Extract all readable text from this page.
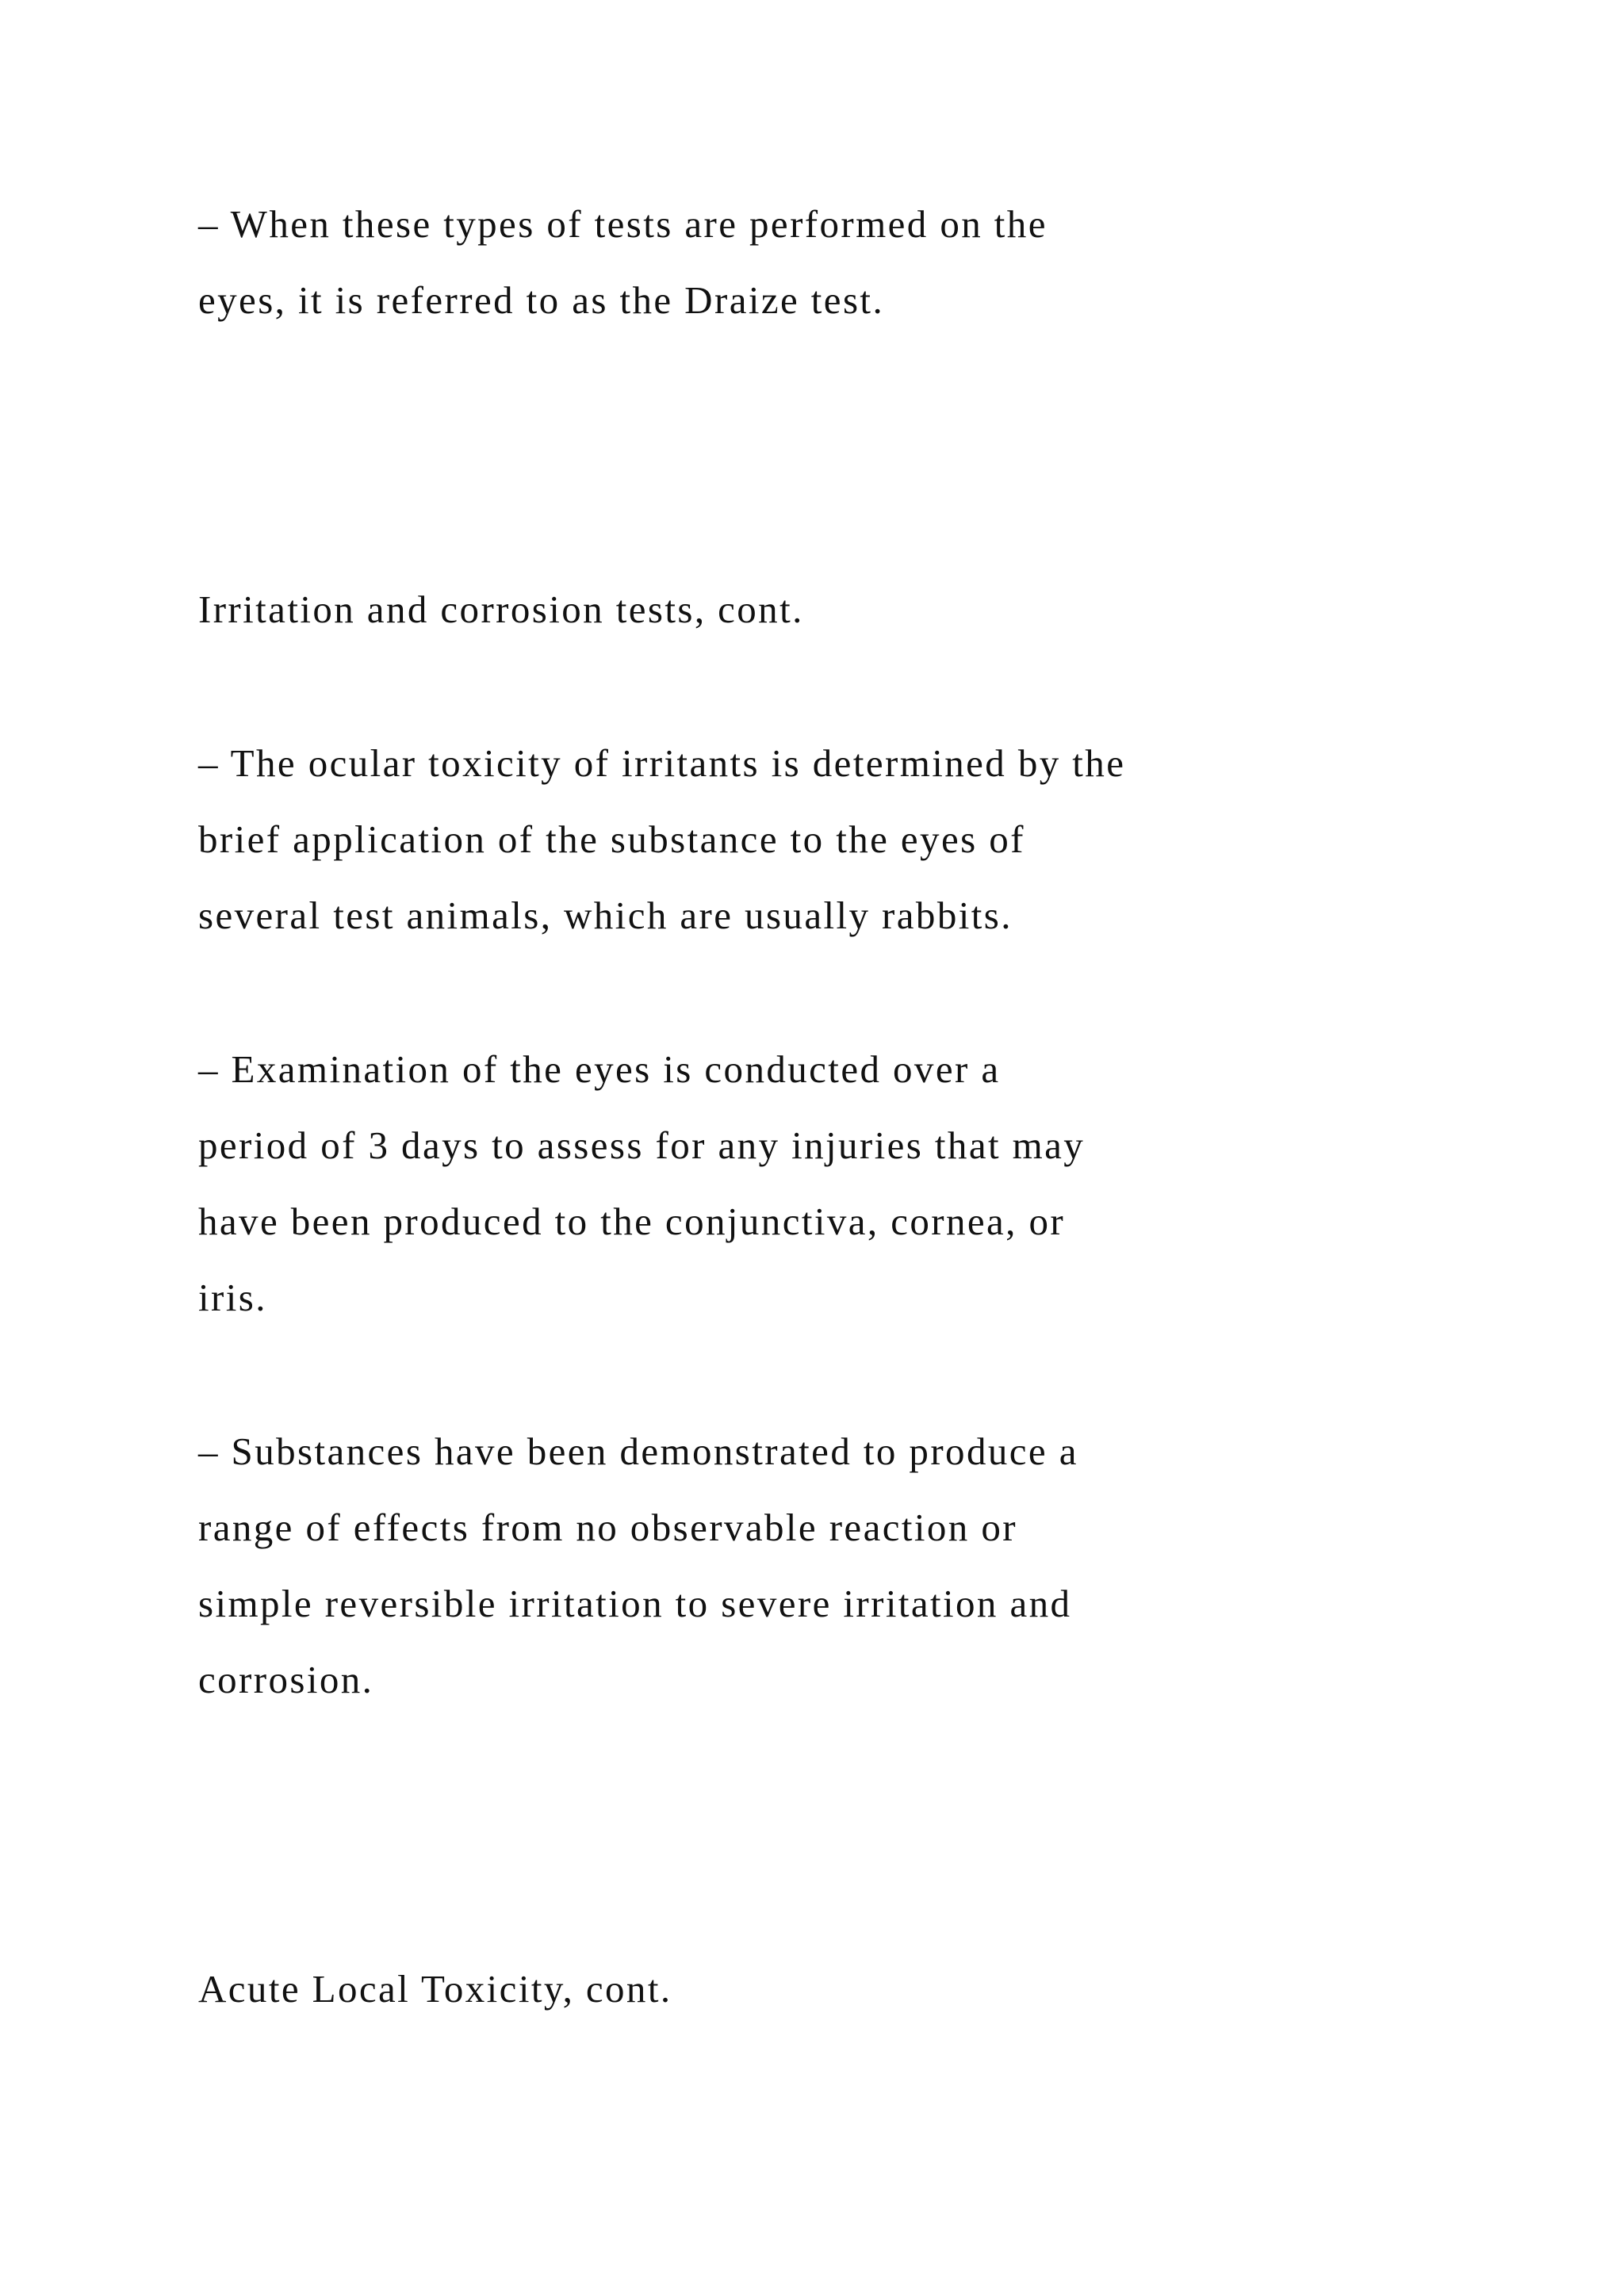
– When these types of tests are performed on the
eyes, it is referred to as the Draize test.
Irritation and corrosion tests, cont.
– The ocular toxicity of irritants is determined by the
brief application of the substance to the eyes of
several test animals, which are usually rabbits.
– Examination of the eyes is conducted over a
period of 3 days to assess for any injuries that may
have been produced to the conjunctiva, cornea, or
iris.
– Substances have been demonstrated to produce a
range of effects from no observable reaction or
simple reversible irritation to severe irritation and
corrosion.
Acute Local Toxicity, cont.
